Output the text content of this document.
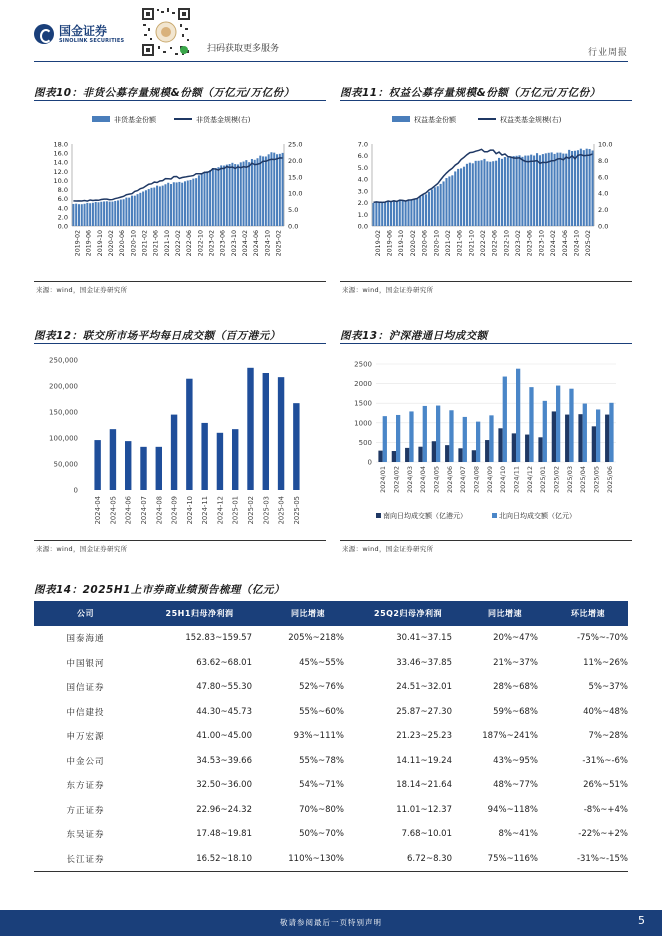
国金证券
SINOLINK SECURITIES
扫码获取更多服务	行业周报
图表10：非货公募存量规模&份额（万亿元/万亿份）
非货基金份额	非货基金规模(右)
0.0
2.0
4.0
6.0
8.0
10.0
12.0
14.0
16.0
18.0
0.0
5.0
10.0
15.0
20.0
25.0
2019-02 2019-06 2019-10 2020-02 2020-06 2020-10 2021-02 2021-06 2021-10 2022-02 2022-06 2022-10 2023-02 2023-06 2023-10 2024-02 2024-06 2024-10 2025-02
来源：wind，国金证券研究所
图表11：权益公募存量规模&份额（万亿元/万亿份）
权益基金份额	权益类基金规模(右)
0.0
1.0
2.0
3.0
4.0
5.0
6.0
7.0
0.0
2.0
4.0
6.0
8.0
10.0
2019-02 2019-06 2019-10 2020-02 2020-06 2020-10 2021-02 2021-06 2021-10 2022-02 2022-06 2022-10 2023-02 2023-06 2023-10 2024-02 2024-06 2024-10 2025-02
来源：wind，国金证券研究所
图表12：联交所市场平均每日成交额（百万港元）
0
50,000
100,000
150,000
200,000
250,000
2024-04 2024-05 2024-06 2024-07 2024-08 2024-09 2024-10 2024-11 2024-12 2025-01 2025-02 2025-03 2025-04 2025-05
来源：wind，国金证券研究所
图表13：沪深港通日均成交额
0
500
1000
1500
2000
2500
2024/01 2024/02 2024/03 2024/04 2024/05 2024/06 2024/07 2024/08 2024/09 2024/10 2024/11 2024/12 2025/01 2025/02 2025/03 2025/04 2025/05 2025/06
南向日均成交额（亿港元）	北向日均成交额（亿元）
来源：wind，国金证券研究所
图表14：2025H1上市券商业绩预告梳理（亿元）
公司	25H1归母净利润	同比增速	25Q2归母净利润	同比增速	环比增速
国泰海通	152.83~159.57	205%~218%	30.41~37.15	20%~47%	-75%~-70%
中国银河	63.62~68.01	45%~55%	33.46~37.85	21%~37%	11%~26%
国信证券	47.80~55.30	52%~76%	24.51~32.01	28%~68%	5%~37%
中信建投	44.30~45.73	55%~60%	25.87~27.30	59%~68%	40%~48%
申万宏源	41.00~45.00	93%~111%	21.23~25.23	187%~241%	7%~28%
中金公司	34.53~39.66	55%~78%	14.11~19.24	43%~95%	-31%~-6%
东方证券	32.50~36.00	54%~71%	18.14~21.64	48%~77%	26%~51%
方正证券	22.96~24.32	70%~80%	11.01~12.37	94%~118%	-8%~+4%
东吴证券	17.48~19.81	50%~70%	7.68~10.01	8%~41%	-22%~+2%
长江证券	16.52~18.10	110%~130%	6.72~8.30	75%~116%	-31%~-15%
敬请参阅最后一页特别声明	5
